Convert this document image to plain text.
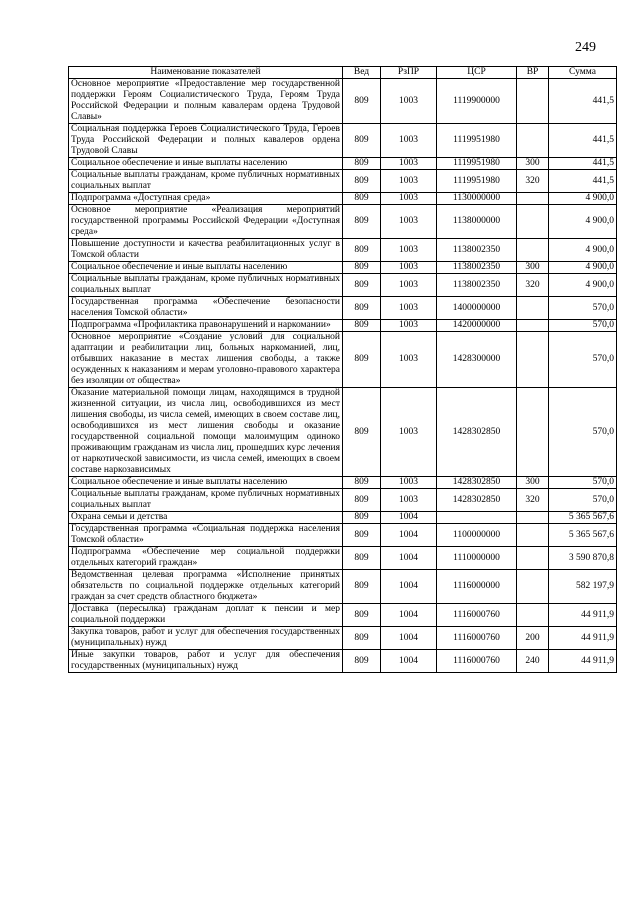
249
Наименование показателей	Вед	РзПР	ЦСР	ВР	Сумма
Основное мероприятие «Предоставление мер государственной поддержки Героям Социалистического Труда, Героям Труда Российской Федерации и полным кавалерам ордена Трудовой Славы»	809	1003	1119900000		441,5
Социальная поддержка Героев Социалистического Труда, Героев Труда Российской Федерации и полных кавалеров ордена Трудовой Славы	809	1003	1119951980		441,5
Социальное обеспечение и иные выплаты населению	809	1003	1119951980	300	441,5
Социальные выплаты гражданам, кроме публичных нормативных социальных выплат	809	1003	1119951980	320	441,5
Подпрограмма «Доступная среда»	809	1003	1130000000		4 900,0
Основное мероприятие «Реализация мероприятий государственной программы Российской Федерации «Доступная среда»	809	1003	1138000000		4 900,0
Повышение доступности и качества реабилитационных услуг в Томской области	809	1003	1138002350		4 900,0
Социальное обеспечение и иные выплаты населению	809	1003	1138002350	300	4 900,0
Социальные выплаты гражданам, кроме публичных нормативных социальных выплат	809	1003	1138002350	320	4 900,0
Государственная программа «Обеспечение безопасности населения Томской области»	809	1003	1400000000		570,0
Подпрограмма «Профилактика правонарушений и наркомании»	809	1003	1420000000		570,0
Основное мероприятие «Создание условий для социальной адаптации и реабилитации лиц, больных наркоманией, лиц, отбывших наказание в местах лишения свободы, а также осужденных к наказаниям и мерам уголовно-правового характера без изоляции от общества»	809	1003	1428300000		570,0
Оказание материальной помощи лицам, находящимся в трудной жизненной ситуации, из числа лиц, освободившихся из мест лишения свободы, из числа семей, имеющих в своем составе лиц, освободившихся из мест лишения свободы и оказание государственной социальной помощи малоимущим одиноко проживающим гражданам из числа лиц, прошедших курс лечения от наркотической зависимости, из числа семей, имеющих в своем составе наркозависимых	809	1003	1428302850		570,0
Социальное обеспечение и иные выплаты населению	809	1003	1428302850	300	570,0
Социальные выплаты гражданам, кроме публичных нормативных социальных выплат	809	1003	1428302850	320	570,0
Охрана семьи и детства	809	1004			5 365 567,6
Государственная программа «Социальная поддержка населения Томской области»	809	1004	1100000000		5 365 567,6
Подпрограмма «Обеспечение мер социальной поддержки отдельных категорий граждан»	809	1004	1110000000		3 590 870,8
Ведомственная целевая программа «Исполнение принятых обязательств по социальной поддержке отдельных категорий граждан за счет средств областного бюджета»	809	1004	1116000000		582 197,9
Доставка (пересылка) гражданам доплат к пенсии и мер социальной поддержки	809	1004	1116000760		44 911,9
Закупка товаров, работ и услуг для обеспечения государственных (муниципальных) нужд	809	1004	1116000760	200	44 911,9
Иные закупки товаров, работ и услуг для обеспечения государственных (муниципальных) нужд	809	1004	1116000760	240	44 911,9
